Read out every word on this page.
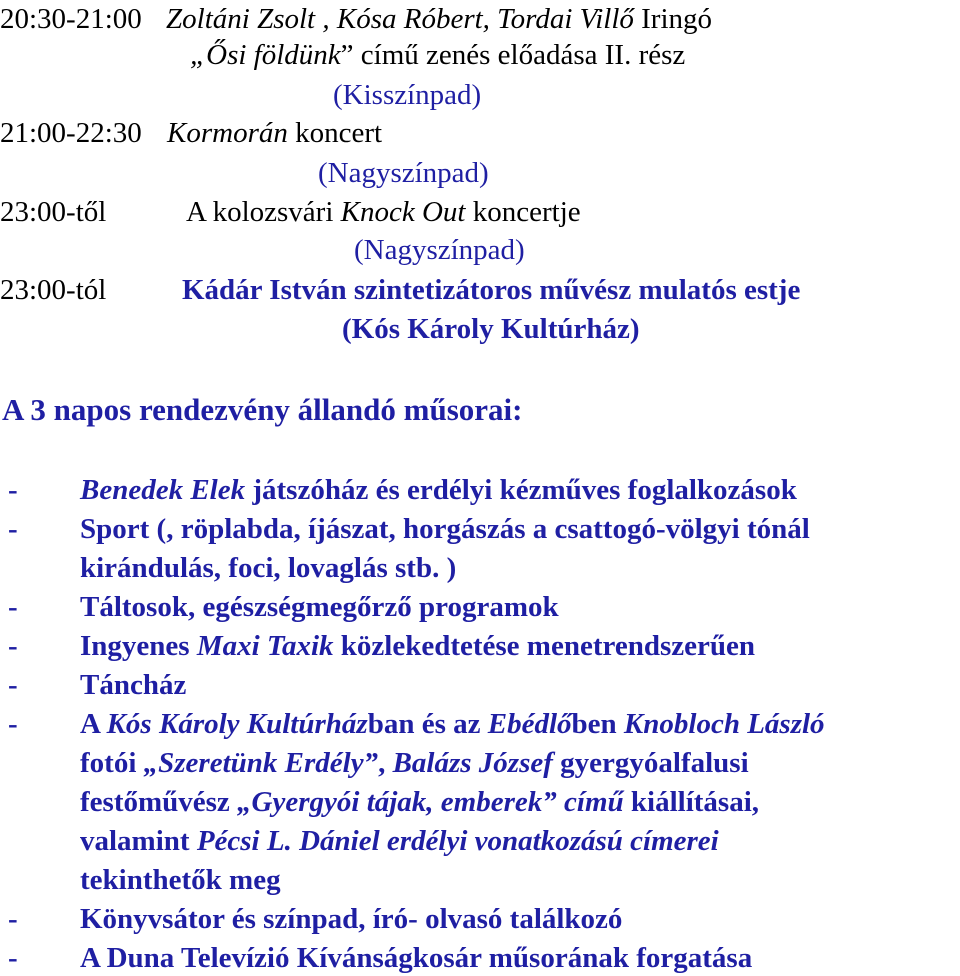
20:30-21:00 Zoltáni Zsolt , Kósa Róbert, Tordai Villő Iringó
„Ősi földünk” című zenés előadása II. rész
(Kisszínpad)
21:00-22:30 Kormorán koncert
(Nagyszínpad)
23:00-től	A kolozsvári Knock Out koncertje
(Nagyszínpad)
23:00-tól	Kádár István szintetizátoros művész mulatós estje
(Kós Károly Kultúrház)
A 3 napos rendezvény állandó műsorai:
- Benedek Elek játszóház és erdélyi kézműves foglalkozások
- Sport (, röplabda, íjászat, horgászás a csattogó-völgyi tónál
kirándulás, foci, lovaglás stb. )
- Táltosok, egészségmegőrző programok
- Ingyenes Maxi Taxik közlekedtetése menetrendszerűen
- Táncház
- A Kós Károly Kultúrházban és az Ebédlőben Knobloch László
fotói „Szeretünk Erdély”, Balázs József gyergyóalfalusi
festőművész „Gyergyói tájak, emberek” című kiállításai,
valamint Pécsi L. Dániel erdélyi vonatkozású címerei
tekinthetők meg
- Könyvsátor és színpad, író- olvasó találkozó
- A Duna Televízió Kívánságkosár műsorának forgatása
